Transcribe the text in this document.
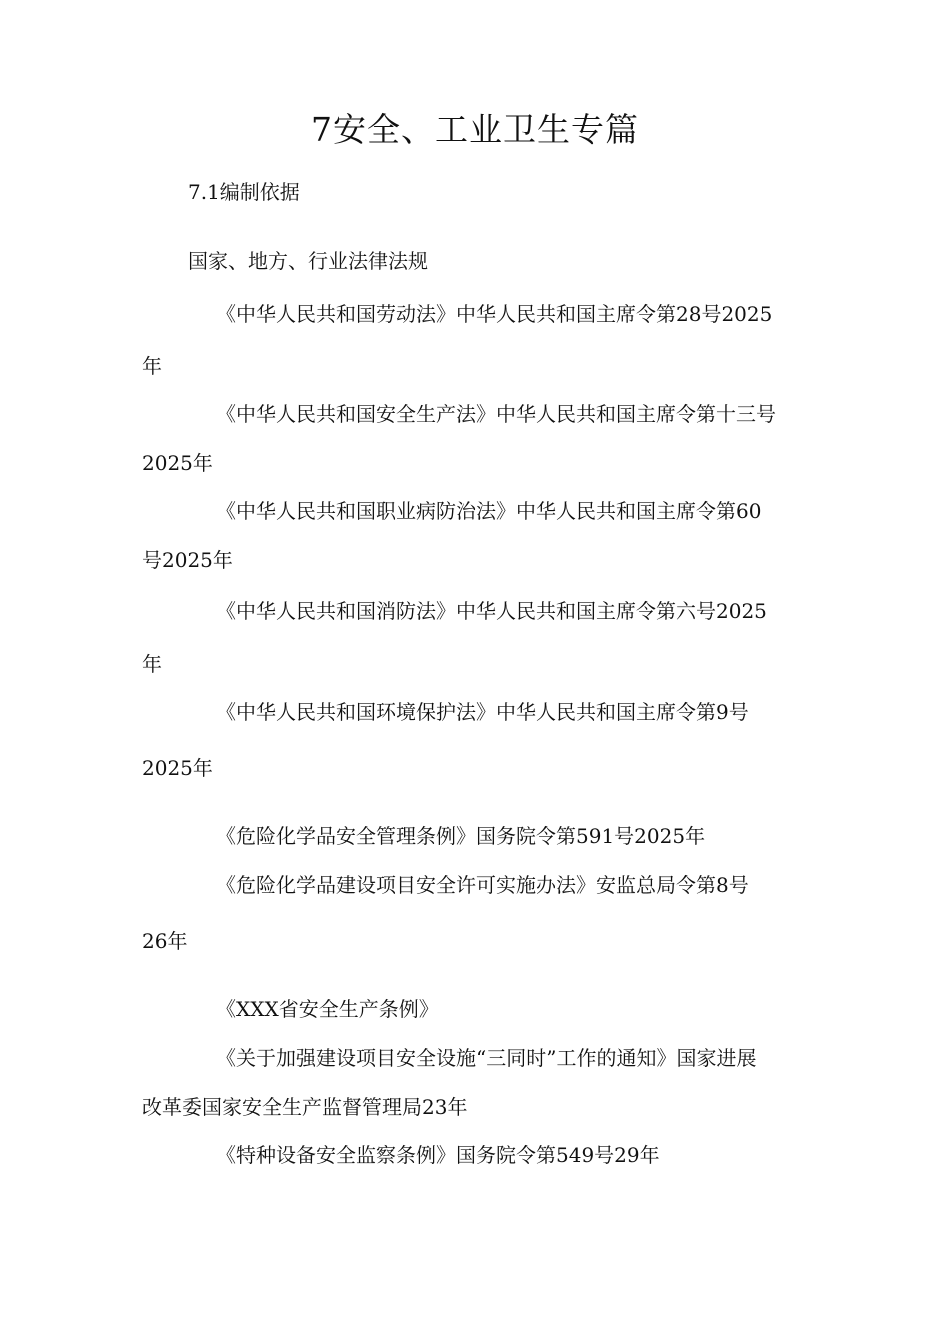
7安全、工业卫生专篇
7.1编制依据
国家、地方、行业法律法规
《中华人民共和国劳动法》中华人民共和国主席令第28号2025
年
《中华人民共和国安全生产法》中华人民共和国主席令第十三号
2025年
《中华人民共和国职业病防治法》中华人民共和国主席令第60
号2025年
《中华人民共和国消防法》中华人民共和国主席令第六号2025
年
《中华人民共和国环境保护法》中华人民共和国主席令第9号
2025年
《危险化学品安全管理条例》国务院令第591号2025年
《危险化学品建设项目安全许可实施办法》安监总局令第8号
26年
《XXX省安全生产条例》
《关于加强建设项目安全设施“三同时”工作的通知》国家进展
改革委国家安全生产监督管理局23年
《特种设备安全监察条例》国务院令第549号29年
